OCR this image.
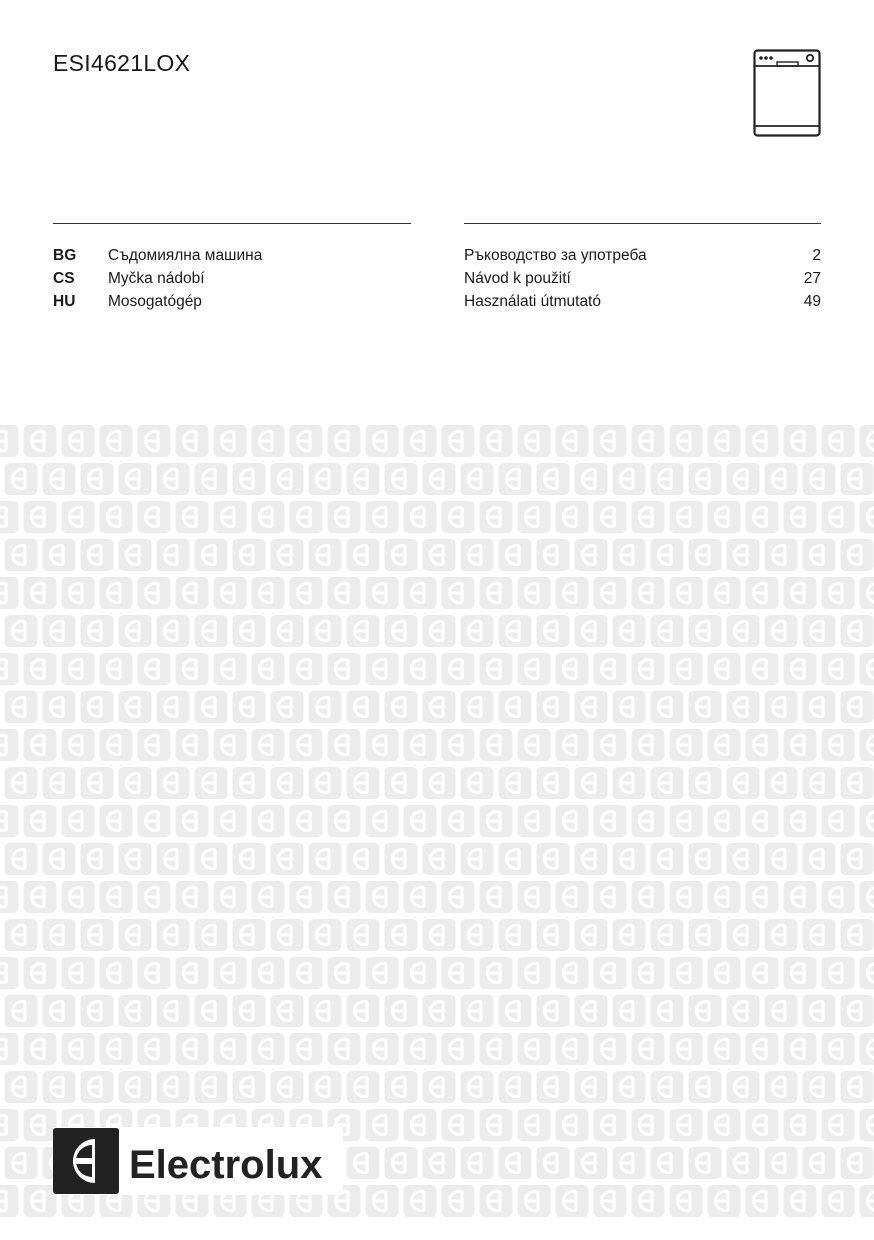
ESI4621LOX
BG Съдомиялна машина	Ръководство за употреба	2
CS Myčka nádobí	Návod k použití	27
HU Mosogatógép	Használati útmutató	49
Electrolux
